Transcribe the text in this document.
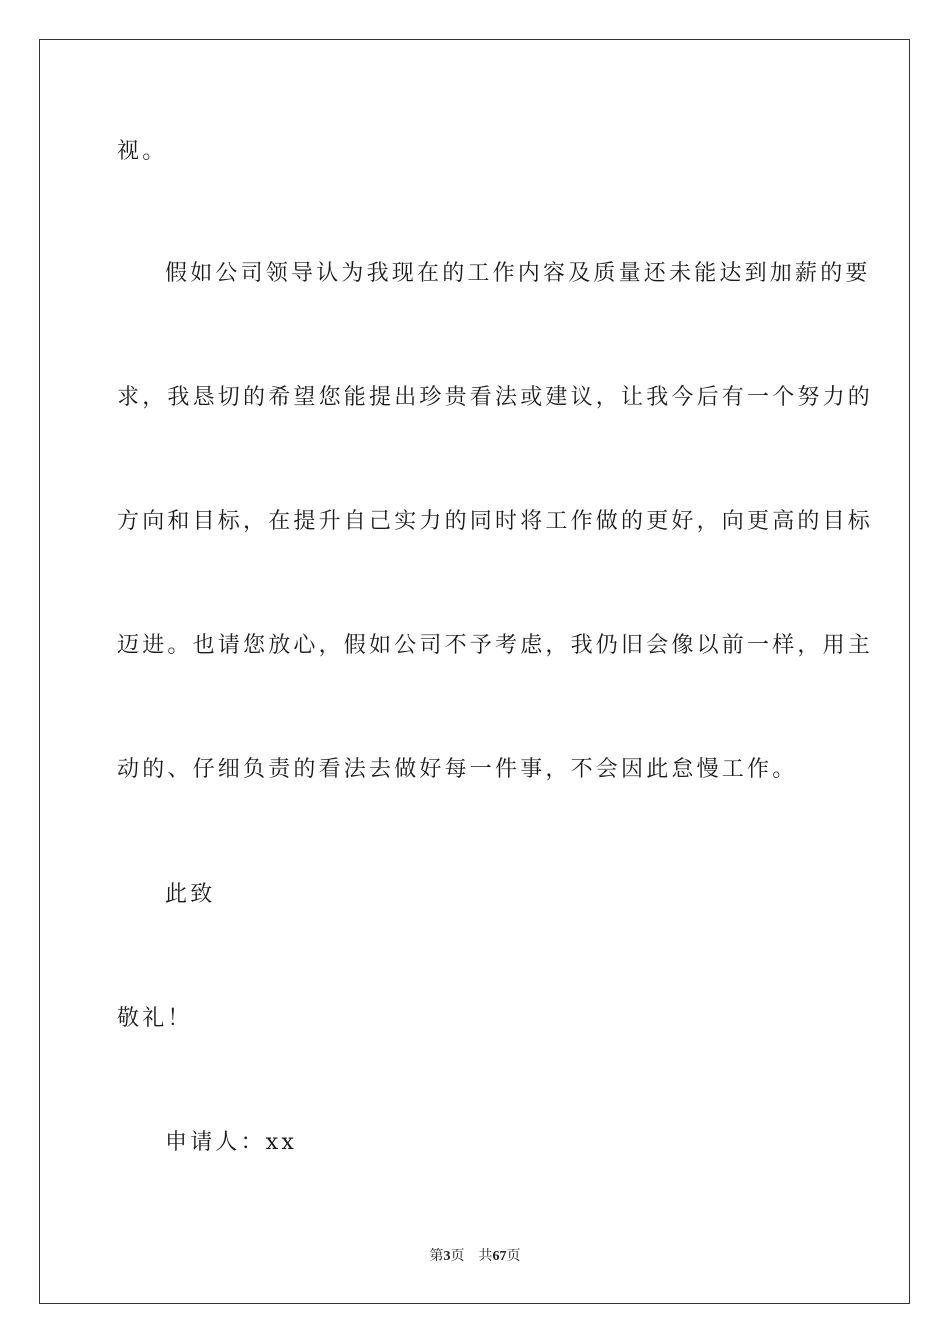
视。
假如公司领导认为我现在的工作内容及质量还未能达到加薪的要
求，我恳切的希望您能提出珍贵看法或建议，让我今后有一个努力的
方向和目标，在提升自己实力的同时将工作做的更好，向更高的目标
迈进。也请您放心，假如公司不予考虑，我仍旧会像以前一样，用主
动的、仔细负责的看法去做好每一件事，不会因此怠慢工作。
此致
敬礼！
申请人：xx
第3页 共67页
